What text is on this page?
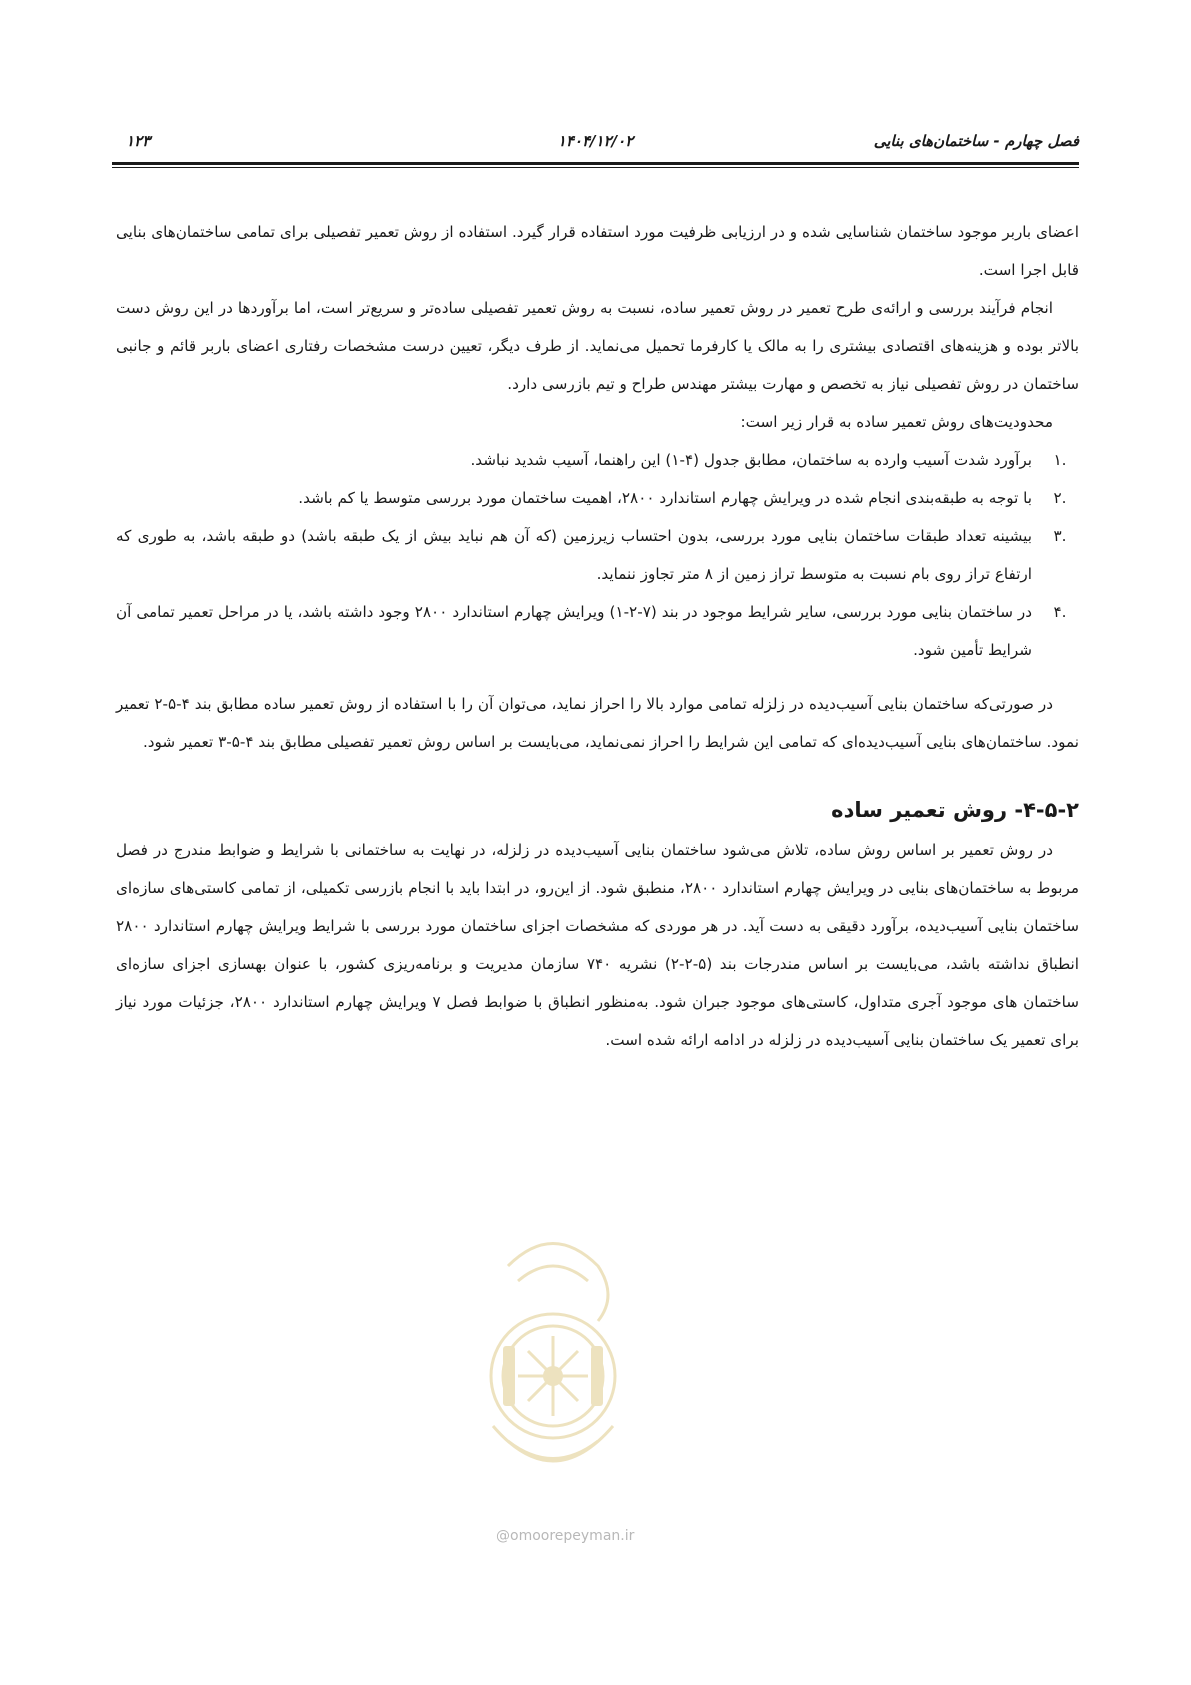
فصل چهارم - ساختمان‌های بنایی
۱۴۰۴/۱۲/۰۲
۱۲۳

اعضای باربر موجود ساختمان شناسایی شده و در ارزیابی ظرفیت مورد استفاده قرار گیرد. استفاده از روش تعمیر تفصیلی برای تمامی ساختمان‌های بنایی قابل اجرا است.

انجام فرآیند بررسی و ارائه‌ی طرح تعمیر در روش تعمیر ساده، نسبت به روش تعمیر تفصیلی ساده‌تر و سریع‌تر است، اما برآوردها در این روش دست بالاتر بوده و هزینه‌های اقتصادی بیشتری را به مالک یا کارفرما تحمیل می‌نماید. از طرف دیگر، تعیین درست مشخصات رفتاری اعضای باربر قائم و جانبی ساختمان در روش تفصیلی نیاز به تخصص و مهارت بیشتر مهندس طراح و تیم بازرسی دارد.

محدودیت‌های روش تعمیر ساده به قرار زیر است:

.۱
برآورد شدت آسیب وارده به ساختمان، مطابق جدول (۴-۱) این راهنما، آسیب شدید نباشد.
.۲
با توجه به طبقه‌بندی انجام شده در ویرایش چهارم استاندارد ۲۸۰۰، اهمیت ساختمان مورد بررسی متوسط یا کم باشد.
.۳
بیشینه تعداد طبقات ساختمان بنایی مورد بررسی، بدون احتساب زیرزمین (که آن هم نباید بیش از یک طبقه باشد) دو طبقه باشد، به طوری که ارتفاع تراز روی بام نسبت به متوسط تراز زمین از ۸ متر تجاوز ننماید.
.۴
در ساختمان بنایی مورد بررسی، سایر شرایط موجود در بند (۷-۲-۱) ویرایش چهارم استاندارد ۲۸۰۰ وجود داشته باشد، یا در مراحل تعمیر تمامی آن شرایط تأمین شود.

در صورتی‌که ساختمان بنایی آسیب‌دیده در زلزله تمامی موارد بالا را احراز نماید، می‌توان آن را با استفاده از روش تعمیر ساده مطابق بند ۴-۵-۲ تعمیر نمود. ساختمان‌های بنایی آسیب‌دیده‌ای که تمامی این شرایط را احراز نمی‌نماید، می‌بایست بر اساس روش تعمیر تفصیلی مطابق بند ۴-۵-۳ تعمیر شود.

۴-۵-۲- روش تعمیر ساده

در روش تعمیر بر اساس روش ساده، تلاش می‌شود ساختمان بنایی آسیب‌دیده در زلزله، در نهایت به ساختمانی با شرایط و ضوابط مندرج در فصل مربوط به ساختمان‌های بنایی در ویرایش چهارم استاندارد ۲۸۰۰، منطبق شود. از این‌رو، در ابتدا باید با انجام بازرسی تکمیلی، از تمامی کاستی‌های سازه‌ای ساختمان بنایی آسیب‌دیده، برآورد دقیقی به دست آید. در هر موردی که مشخصات اجزای ساختمان مورد بررسی با شرایط ویرایش چهارم استاندارد ۲۸۰۰ انطباق نداشته باشد، می‌بایست بر اساس مندرجات بند (۵-۲-۲) نشریه ۷۴۰ سازمان مدیریت و برنامه‌ریزی کشور، با عنوان بهسازی اجزای سازه‌ای ساختمان های موجود آجری متداول، کاستی‌های موجود جبران شود. به‌منظور انطباق با ضوابط فصل ۷ ویرایش چهارم استاندارد ۲۸۰۰، جزئیات مورد نیاز برای تعمیر یک ساختمان بنایی آسیب‌دیده در زلزله در ادامه ارائه شده است.

@omoorepeyman.ir
